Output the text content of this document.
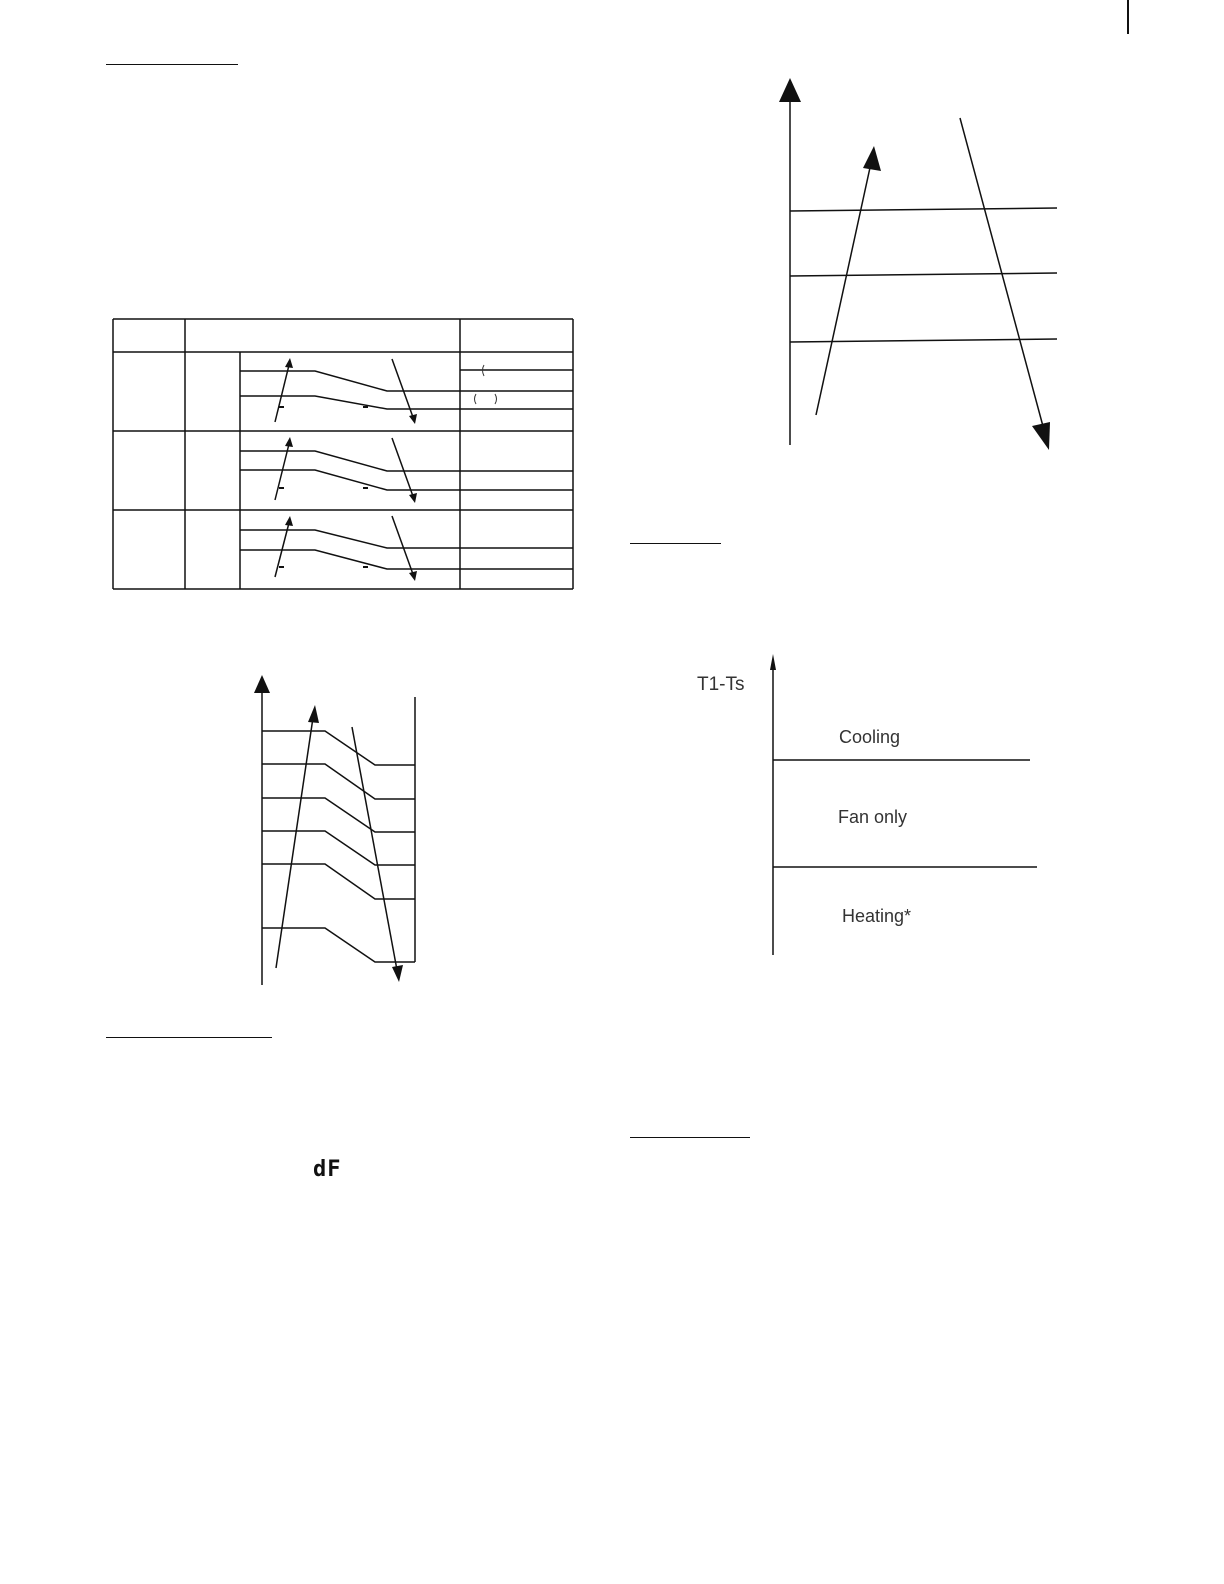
dF
T1-Ts
Cooling
Fan only
Heating*
